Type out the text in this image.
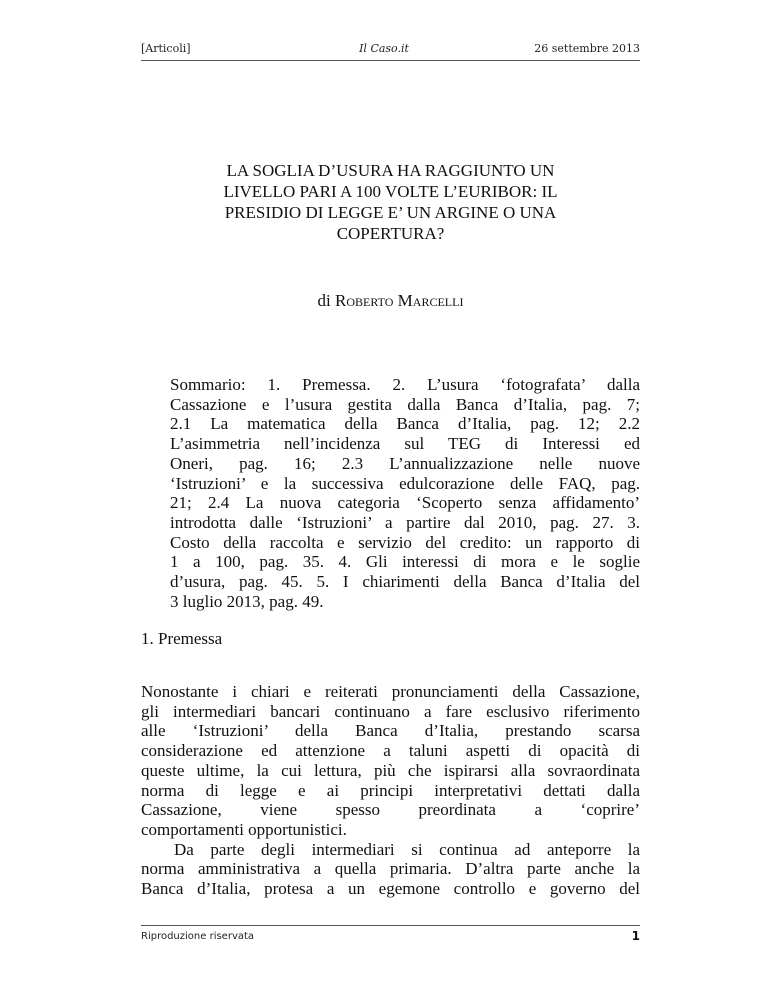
[Articoli]	Il Caso.it	26 settembre 2013
LA SOGLIA D’USURA HA RAGGIUNTO UN
LIVELLO PARI A 100 VOLTE L’EURIBOR: IL
PRESIDIO DI LEGGE E’ UN ARGINE O UNA
COPERTURA?
di Roberto Marcelli
Sommario: 1. Premessa. 2. L’usura ‘fotografata’ dalla
Cassazione e l’usura gestita dalla Banca d’Italia, pag. 7;
2.1 La matematica della Banca d’Italia, pag. 12; 2.2
L’asimmetria nell’incidenza sul TEG di Interessi ed
Oneri, pag. 16; 2.3 L’annualizzazione nelle nuove
‘Istruzioni’ e la successiva edulcorazione delle FAQ, pag.
21; 2.4 La nuova categoria ‘Scoperto senza affidamento’
introdotta dalle ‘Istruzioni’ a partire dal 2010, pag. 27. 3.
Costo della raccolta e servizio del credito: un rapporto di
1 a 100, pag. 35. 4. Gli interessi di mora e le soglie
d’usura, pag. 45. 5. I chiarimenti della Banca d’Italia del
3 luglio 2013, pag. 49.
1. Premessa
Nonostante i chiari e reiterati pronunciamenti della Cassazione,
gli intermediari bancari continuano a fare esclusivo riferimento
alle ‘Istruzioni’ della Banca d’Italia, prestando scarsa
considerazione ed attenzione a taluni aspetti di opacità di
queste ultime, la cui lettura, più che ispirarsi alla sovraordinata
norma di legge e ai principi interpretativi dettati dalla
Cassazione, viene spesso preordinata a ‘coprire’
comportamenti opportunistici.
Da parte degli intermediari si continua ad anteporre la
norma amministrativa a quella primaria. D’altra parte anche la
Banca d’Italia, protesa a un egemone controllo e governo del
Riproduzione riservata	1
